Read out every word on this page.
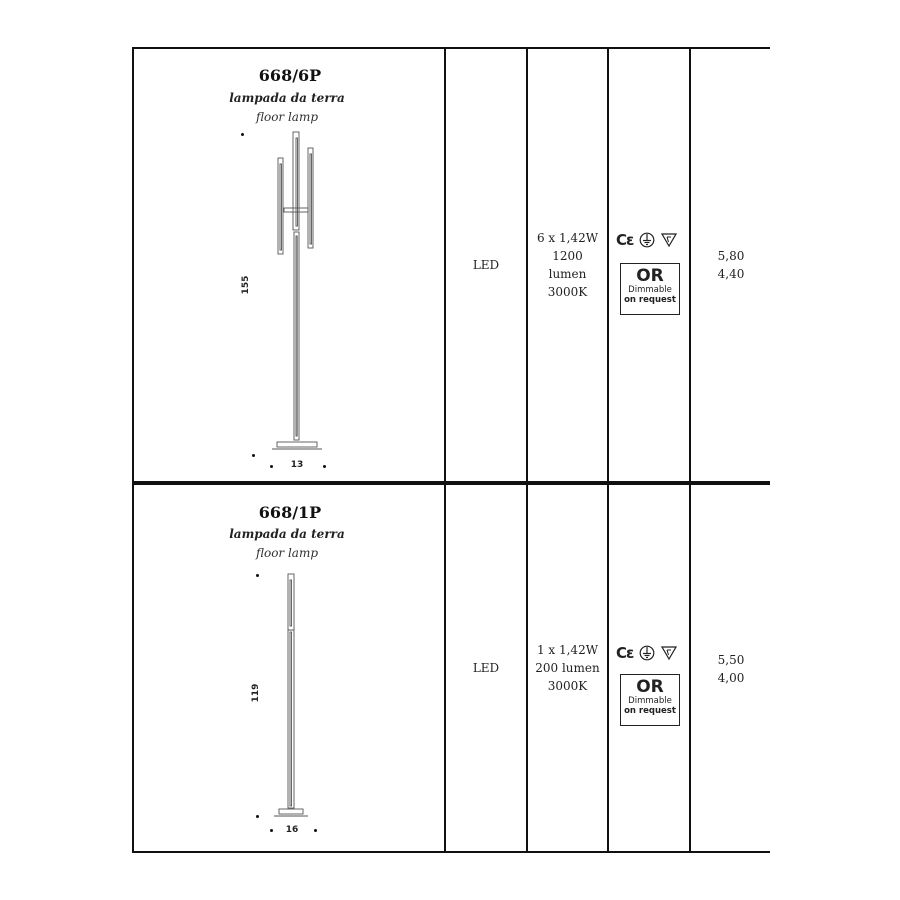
668/6P
lampada da terra
floor lamp
155
13
LED
6 x 1,42W
1200
lumen
3000K
Cε
OR
Dimmable
on request
5,80
4,40
668/1P
lampada da terra
floor lamp
119
16
LED
1 x 1,42W
200 lumen
3000K
Cε
OR
Dimmable
on request
5,50
4,00
